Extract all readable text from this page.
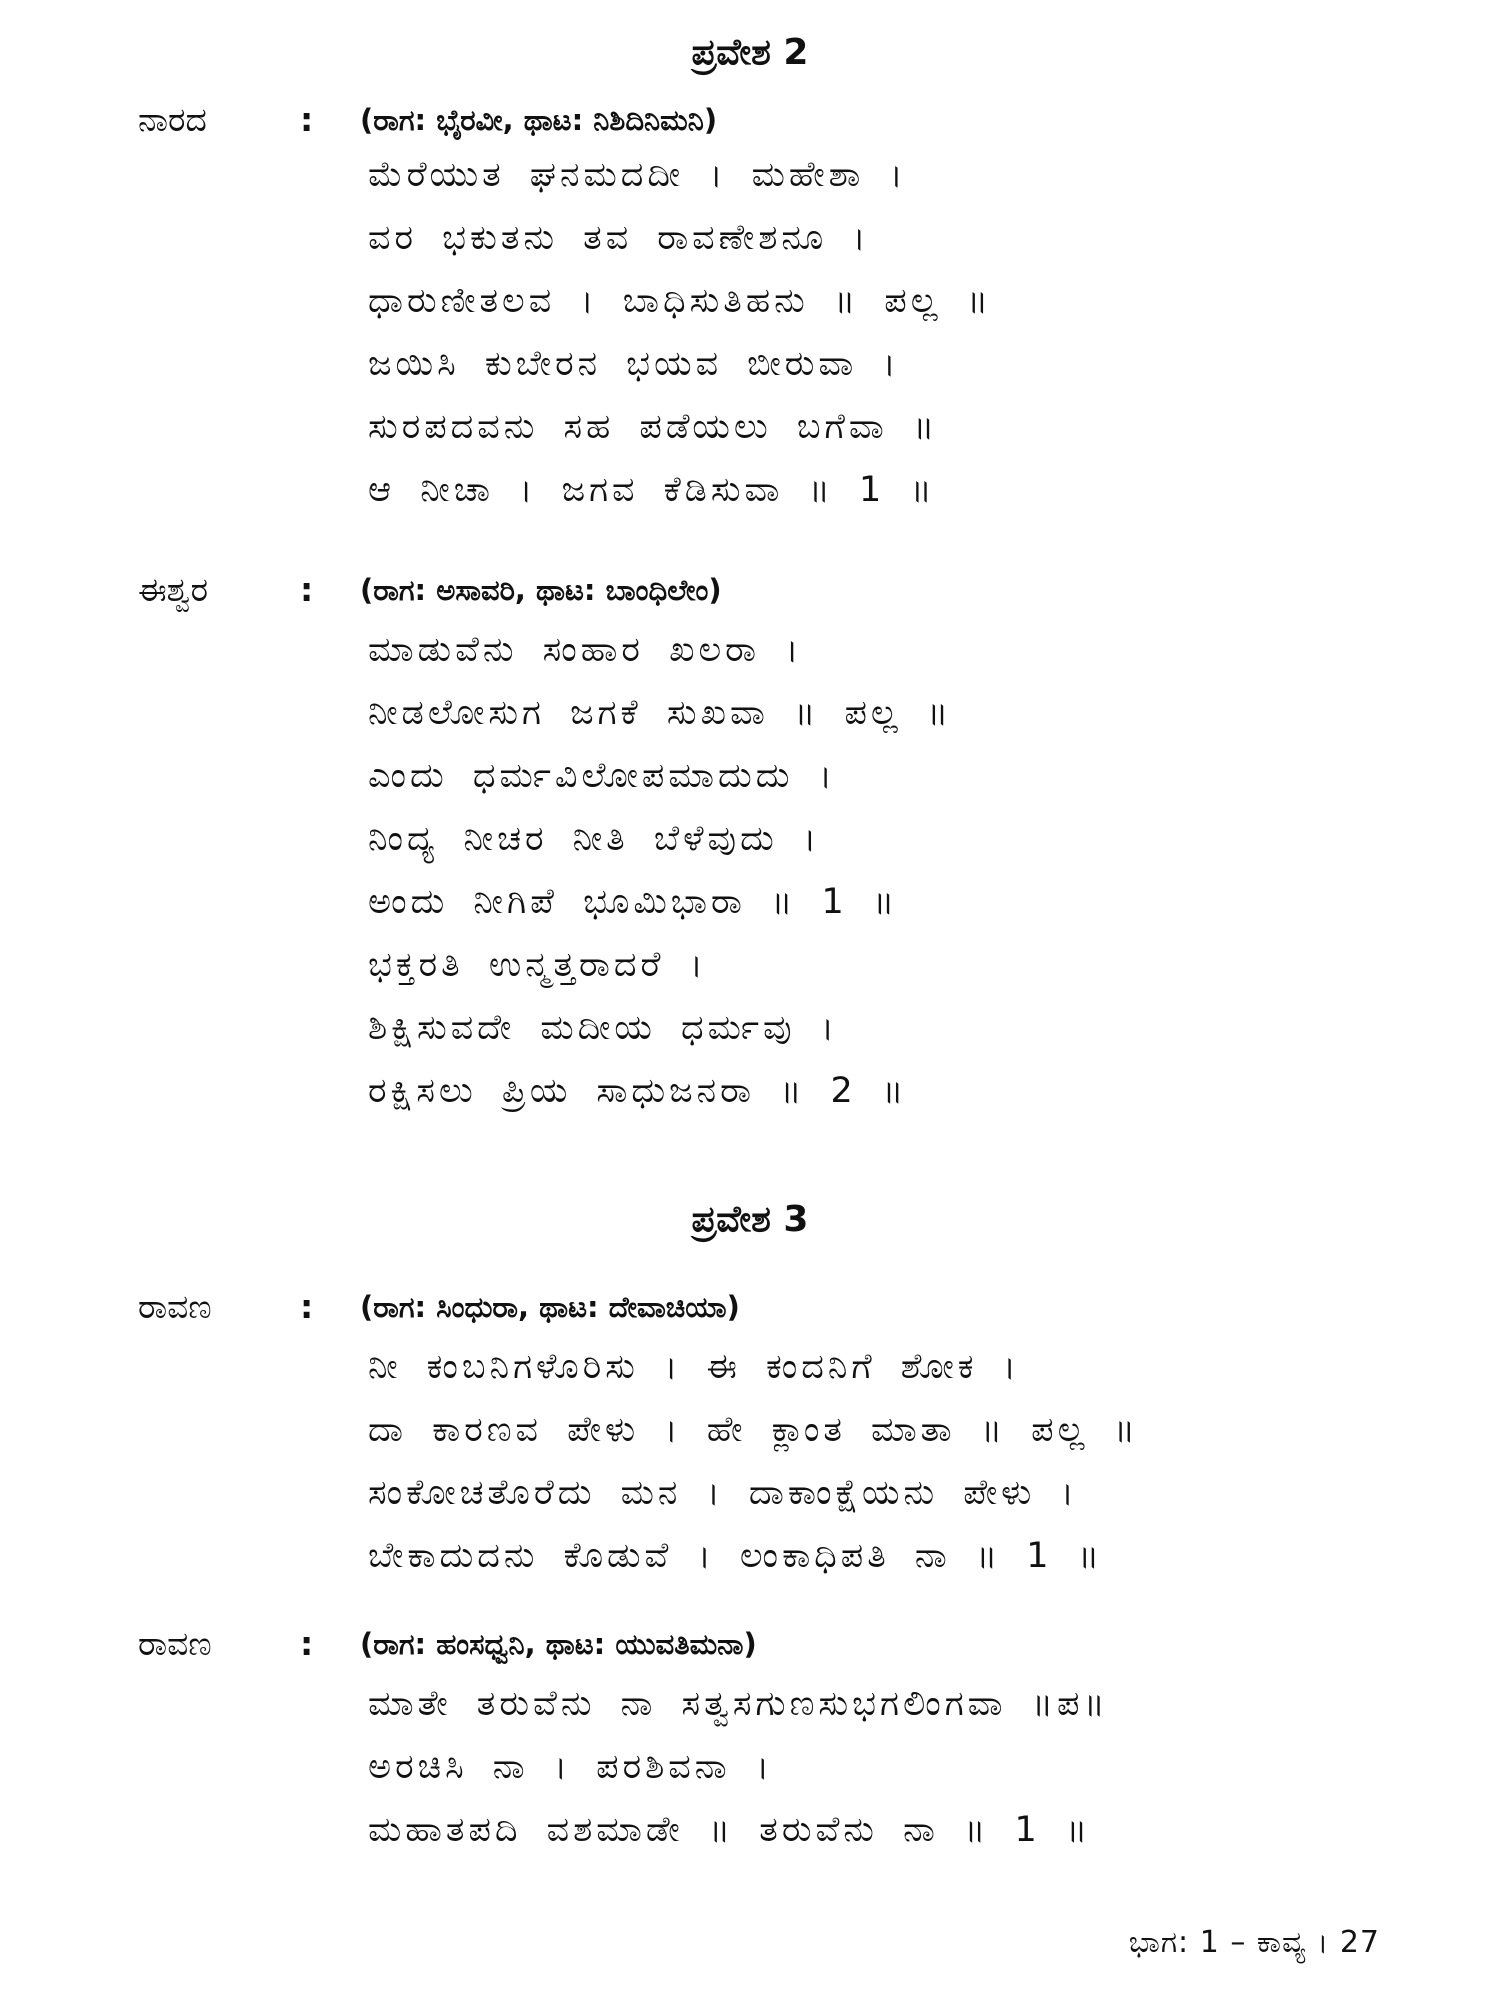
ಪ್ರವೇಶ 2
ನಾರದ	: (ರಾಗ: ಭೈರವೀ, ಥಾಟ: ನಿಶಿದಿನಿಮನಿ)
ಮೆರೆಯುತ ಘನಮದದೀ । ಮಹೇಶಾ ।
ವರ ಭಕುತನು ತವ ರಾವಣೇಶನೂ ।
ಧಾರುಣೀತಲವ । ಬಾಧಿಸುತಿಹನು ॥ ಪಲ್ಲ ॥
ಜಯಿಸಿ ಕುಬೇರನ ಭಯವ ಬೀರುವಾ ।
ಸುರಪದವನು ಸಹ ಪಡೆಯಲು ಬಗೆವಾ ॥
ಆ ನೀಚಾ । ಜಗವ ಕೆಡಿಸುವಾ ॥ 1 ॥
ಈಶ್ವರ	: (ರಾಗ: ಅಸಾವರಿ, ಥಾಟ: ಬಾಂಧಿಲೇಂ)
ಮಾಡುವೆನು ಸಂಹಾರ ಖಲರಾ ।
ನೀಡಲೋಸುಗ ಜಗಕೆ ಸುಖವಾ ॥ ಪಲ್ಲ ॥
ಎಂದು ಧರ್ಮವಿಲೋಪಮಾದುದು ।
ನಿಂದ್ಯ ನೀಚರ ನೀತಿ ಬೆಳೆವುದು ।
ಅಂದು ನೀಗಿಪೆ ಭೂಮಿಭಾರಾ ॥ 1 ॥
ಭಕ್ತರತಿ ಉನ್ಮತ್ತರಾದರೆ ।
ಶಿಕ್ಷಿಸುವದೇ ಮದೀಯ ಧರ್ಮವು ।
ರಕ್ಷಿಸಲು ಪ್ರಿಯ ಸಾಧುಜನರಾ ॥ 2 ॥
ಪ್ರವೇಶ 3
ರಾವಣ	: (ರಾಗ: ಸಿಂಧುರಾ, ಥಾಟ: ದೇವಾಚಿಯಾ)
ನೀ ಕಂಬನಿಗಳೊರಿಸು । ಈ ಕಂದನಿಗೆ ಶೋಕ ।
ದಾ ಕಾರಣವ ಪೇಳು । ಹೇ ಕ್ಲಾಂತ ಮಾತಾ ॥ ಪಲ್ಲ ॥
ಸಂಕೋಚತೊರೆದು ಮನ । ದಾಕಾಂಕ್ಷೆಯನು ಪೇಳು ।
ಬೇಕಾದುದನು ಕೊಡುವೆ । ಲಂಕಾಧಿಪತಿ ನಾ ॥ 1 ॥
ರಾವಣ	: (ರಾಗ: ಹಂಸಧ್ವನಿ, ಥಾಟ: ಯುವತಿಮನಾ)
ಮಾತೇ ತರುವೆನು ನಾ ಸತ್ವಸಗುಣಸುಭಗಲಿಂಗವಾ ॥ಪ॥
ಅರಚಿಸಿ ನಾ । ಪರಶಿವನಾ ।
ಮಹಾತಪದಿ ವಶಮಾಡೇ ॥ ತರುವೆನು ನಾ ॥ 1 ॥
ಭಾಗ: 1 – ಕಾವ್ಯ । 27
